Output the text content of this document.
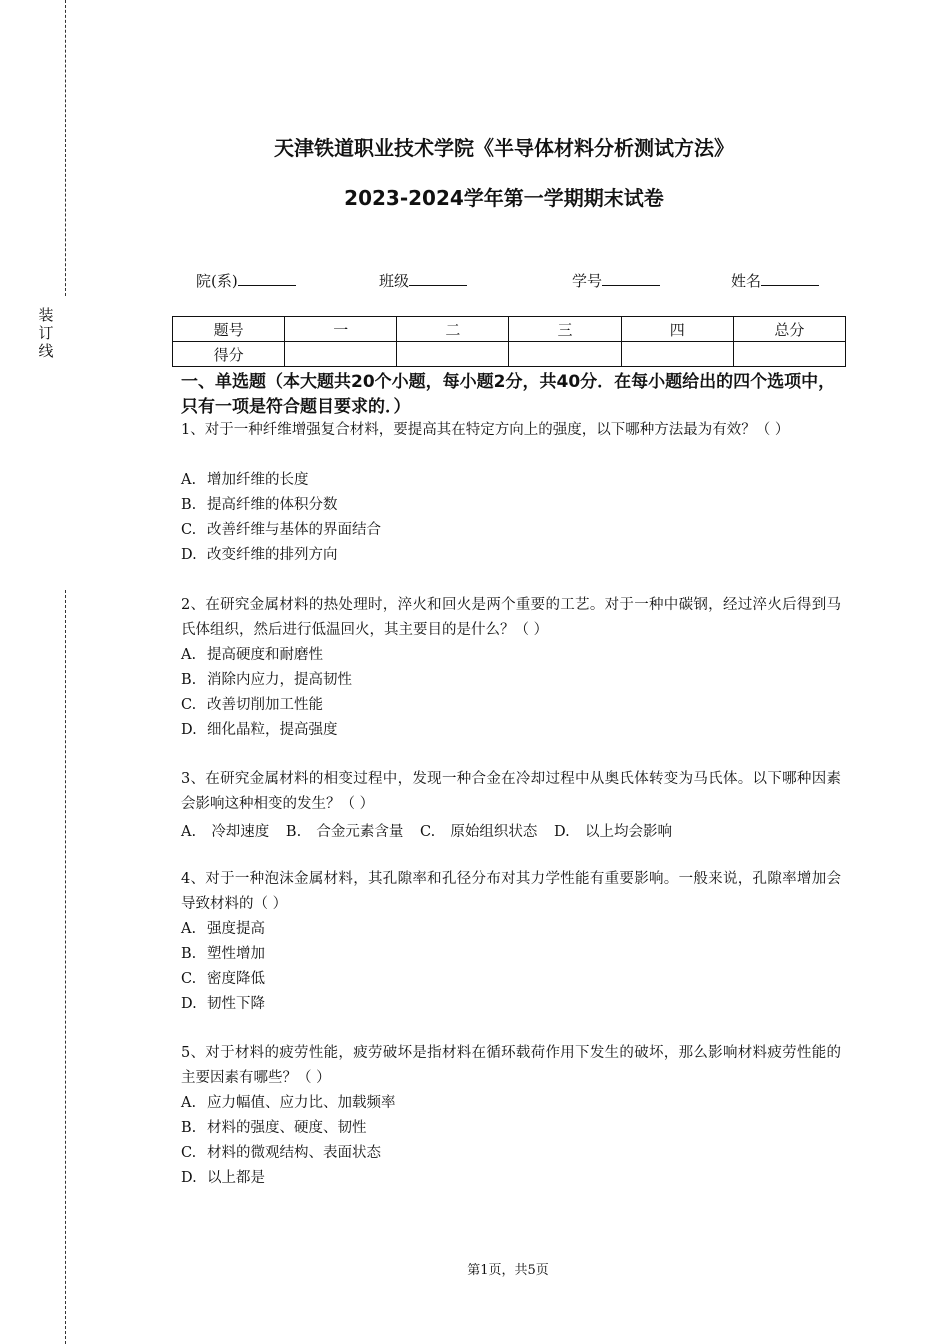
装
订
线
天津铁道职业技术学院《半导体材料分析测试方法》
2023-2024学年第一学期期末试卷
院(系)	班级	学号	姓名
题号	一	二	三	四	总分
得分					
一、单选题（本大题共20个小题，每小题2分，共40分．在每小题给出的四个选项中，只有一项是符合题目要求的．）
1、对于一种纤维增强复合材料，要提高其在特定方向上的强度，以下哪种方法最为有效？（ ）
A. 增加纤维的长度
B. 提高纤维的体积分数
C. 改善纤维与基体的界面结合
D. 改变纤维的排列方向
2、在研究金属材料的热处理时，淬火和回火是两个重要的工艺。对于一种中碳钢，经过淬火后得到马氏体组织，然后进行低温回火，其主要目的是什么？（ ）
A. 提高硬度和耐磨性
B. 消除内应力，提高韧性
C. 改善切削加工性能
D. 细化晶粒，提高强度
3、在研究金属材料的相变过程中，发现一种合金在冷却过程中从奥氏体转变为马氏体。以下哪种因素会影响这种相变的发生？（ ）
A. 冷却速度 B. 合金元素含量 C. 原始组织状态 D. 以上均会影响
4、对于一种泡沫金属材料，其孔隙率和孔径分布对其力学性能有重要影响。一般来说，孔隙率增加会导致材料的（ ）
A. 强度提高
B. 塑性增加
C. 密度降低
D. 韧性下降
5、对于材料的疲劳性能，疲劳破坏是指材料在循环载荷作用下发生的破坏，那么影响材料疲劳性能的主要因素有哪些？（ ）
A. 应力幅值、应力比、加载频率
B. 材料的强度、硬度、韧性
C. 材料的微观结构、表面状态
D. 以上都是
第1页，共5页
